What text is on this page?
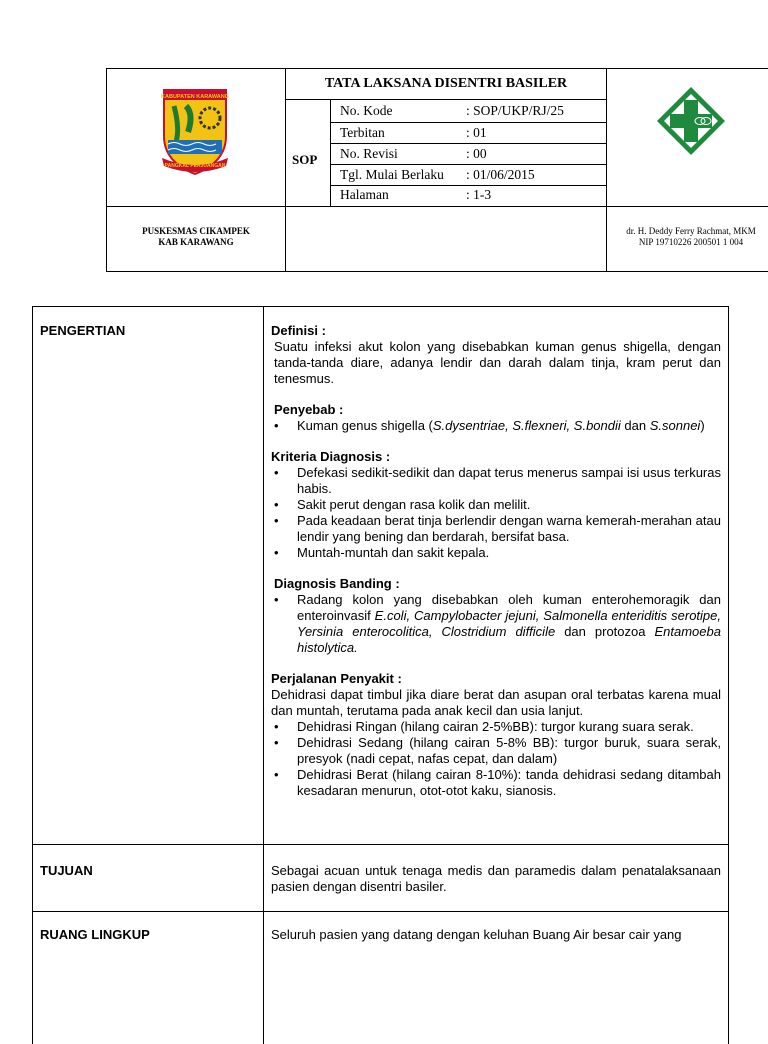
KABUPATEN KARAWANG
PANGKAL PERJUANGAN
TATA LAKSANA DISENTRI BASILER
SOP
No. Kode	: SOP/UKP/RJ/25
Terbitan	: 01
No. Revisi	: 00
Tgl. Mulai Berlaku : 01/06/2015
Halaman	: 1-3
PUSKESMAS CIKAMPEK
KAB KARAWANG
dr. H. Deddy Ferry Rachmat, MKM
NIP 19710226 200501 1 004
PENGERTIAN	Definisi :
Suatu infeksi akut kolon yang disebabkan kuman genus shigella, dengan tanda-tanda diare, adanya lendir dan darah dalam tinja, kram perut dan tenesmus.
Penyebab :
• Kuman genus shigella (S.dysentriae, S.flexneri, S.bondii dan S.sonnei)
Kriteria Diagnosis :
• Defekasi sedikit-sedikit dan dapat terus menerus sampai isi usus terkuras habis.
• Sakit perut dengan rasa kolik dan melilit.
• Pada keadaan berat tinja berlendir dengan warna kemerah-merahan atau lendir yang bening dan berdarah, bersifat basa.
• Muntah-muntah dan sakit kepala.
Diagnosis Banding :
• Radang kolon yang disebabkan oleh kuman enterohemoragik dan enteroinvasif E.coli, Campylobacter jejuni, Salmonella enteriditis serotipe, Yersinia enterocolitica, Clostridium difficile dan protozoa Entamoeba histolytica.
Perjalanan Penyakit :
Dehidrasi dapat timbul jika diare berat dan asupan oral terbatas karena mual dan muntah, terutama pada anak kecil dan usia lanjut.
• Dehidrasi Ringan (hilang cairan 2-5%BB): turgor kurang suara serak.
• Dehidrasi Sedang (hilang cairan 5-8% BB): turgor buruk, suara serak, presyok (nadi cepat, nafas cepat, dan dalam)
• Dehidrasi Berat (hilang cairan 8-10%): tanda dehidrasi sedang ditambah kesadaran menurun, otot-otot kaku, sianosis.
TUJUAN	Sebagai acuan untuk tenaga medis dan paramedis dalam penatalaksanaan pasien dengan disentri basiler.
RUANG LINGKUP	Seluruh pasien yang datang dengan keluhan Buang Air besar cair yang
